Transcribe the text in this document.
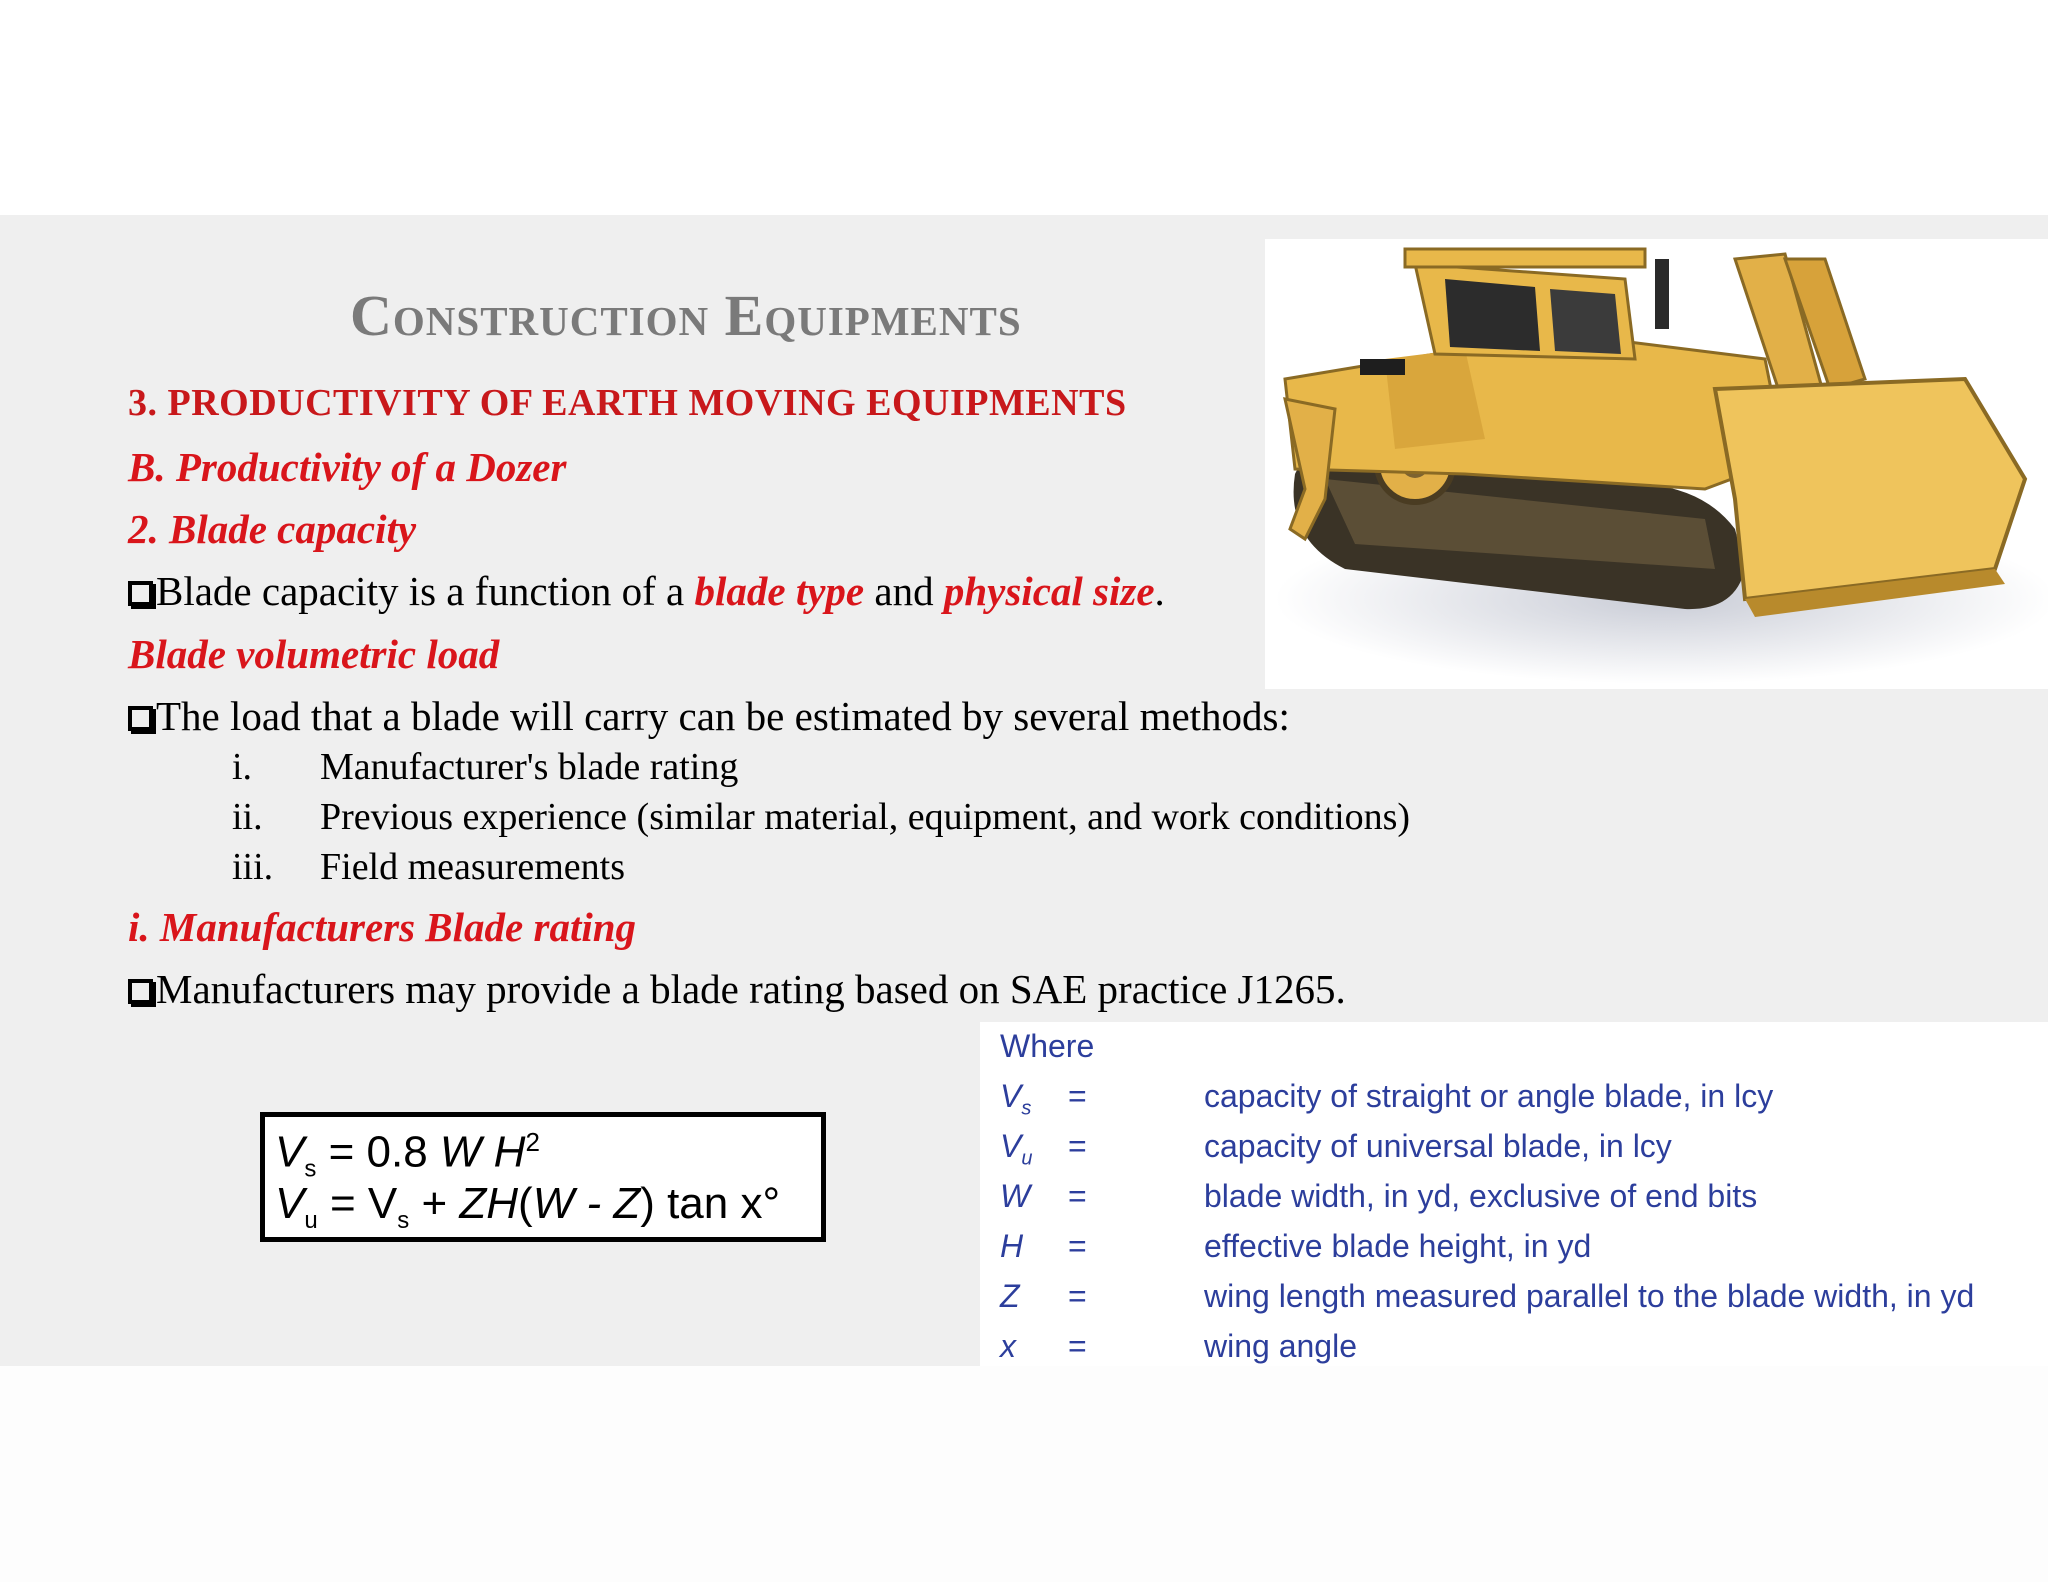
Construction Equipments
3. PRODUCTIVITY OF EARTH MOVING EQUIPMENTS
B. Productivity of a Dozer
2. Blade capacity
Blade capacity is a function of a blade type and physical size.
Blade volumetric load
The load that a blade will carry can be estimated by several methods:
i. Manufacturer's blade rating
ii. Previous experience (similar material, equipment, and work conditions)
iii. Field measurements
i. Manufacturers Blade rating
Manufacturers may provide a blade rating based on SAE practice J1265.
$V_s = 0.8$ W $H^2$
$V_u = V_s + ZH(W - Z)$ tan x°
Where
$V_s$ =	capacity of straight or angle blade, in lcy
$V_u$ =	capacity of universal blade, in lcy
W =	blade width, in yd, exclusive of end bits
H =	effective blade height, in yd
Z =	wing length measured parallel to the blade width, in yd
x =	wing angle
